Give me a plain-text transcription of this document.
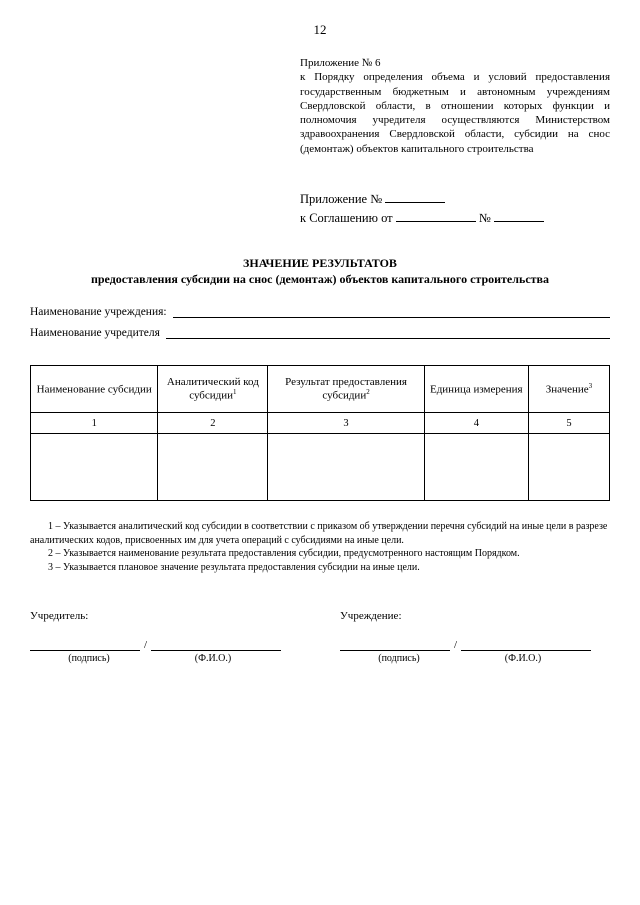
12
Приложение № 6
к Порядку определения объема и условий предоставления государственным бюджетным и автономным учреждениям Свердловской области, в отношении которых функции и полномочия учредителя осуществляются Министерством здравоохранения Свердловской области, субсидии на снос (демонтаж) объектов капитального строительства
Приложение №
к Соглашению от	№
ЗНАЧЕНИЕ РЕЗУЛЬТАТОВ
предоставления субсидии на снос (демонтаж) объектов капитального строительства
Наименование учреждения:
Наименование учредителя
Наименование субсидии	Аналитический код субсидии$^1$	Результат предоставления субсидии$^2$	Единица измерения	Значение$^3$
1	2	3	4	5

1 – Указывается аналитический код субсидии в соответствии с приказом об утверждении перечня субсидий на иные цели в разрезе аналитических кодов, присвоенных им для учета операций с субсидиями на иные цели.

2 – Указывается наименование результата предоставления субсидии, предусмотренного настоящим Порядком.

3 – Указывается плановое значение результата предоставления субсидии на иные цели.

Учредитель:
/
(подпись)	(Ф.И.О.)
Учреждение:
/
(подпись)	(Ф.И.О.)
